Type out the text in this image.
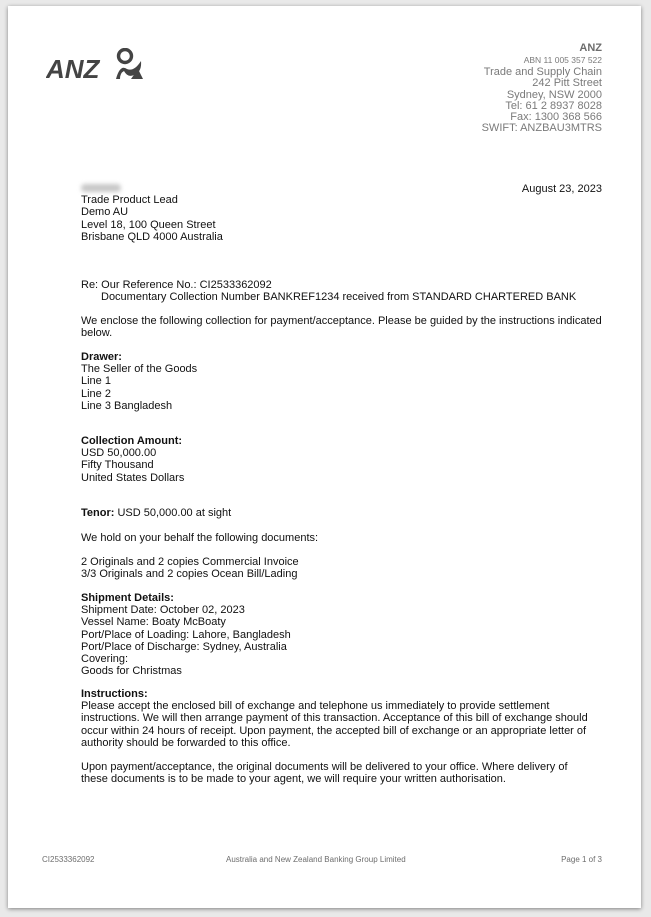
ANZ
ANZ
ABN 11 005 357 522
Trade and Supply Chain
242 Pitt Street
Sydney, NSW 2000
Tel: 61 2 8937 8028
Fax: 1300 368 566
SWIFT: ANZBAU3MTRS
August 23, 2023
Trade Product Lead
Demo AU
Level 18, 100 Queen Street
Brisbane QLD 4000 Australia
Re: Our Reference No.: CI2533362092
Documentary Collection Number BANKREF1234 received from STANDARD CHARTERED BANK
We enclose the following collection for payment/acceptance. Please be guided by the instructions indicated below.
Drawer:
The Seller of the Goods
Line 1
Line 2
Line 3 Bangladesh
Collection Amount:
USD 50,000.00
Fifty Thousand
United States Dollars
Tenor: USD 50,000.00 at sight
We hold on your behalf the following documents:
2 Originals and 2 copies Commercial Invoice
3/3 Originals and 2 copies Ocean Bill/Lading
Shipment Details:
Shipment Date: October 02, 2023
Vessel Name: Boaty McBoaty
Port/Place of Loading: Lahore, Bangladesh
Port/Place of Discharge: Sydney, Australia
Covering:
Goods for Christmas
Instructions:
Please accept the enclosed bill of exchange and telephone us immediately to provide settlement instructions. We will then arrange payment of this transaction. Acceptance of this bill of exchange should occur within 24 hours of receipt. Upon payment, the accepted bill of exchange or an appropriate letter of authority should be forwarded to this office.
Upon payment/acceptance, the original documents will be delivered to your office. Where delivery of these documents is to be made to your agent, we will require your written authorisation.
CI2533362092	Australia and New Zealand Banking Group Limited	Page 1 of 3
